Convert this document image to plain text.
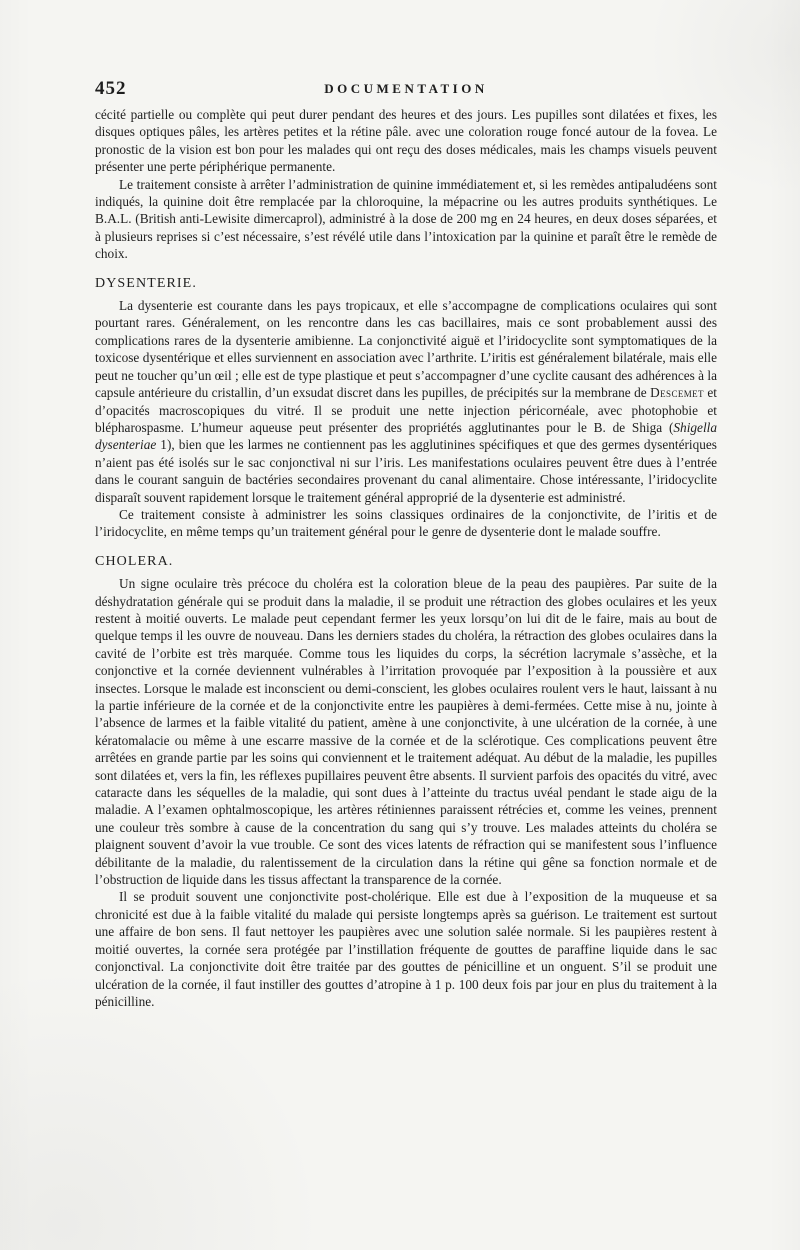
452	DOCUMENTATION

cécité partielle ou complète qui peut durer pendant des heures et des jours. Les pupilles sont dilatées et fixes, les disques optiques pâles, les artères petites et la rétine pâle. avec une coloration rouge foncé autour de la fovea. Le pronostic de la vision est bon pour les malades qui ont reçu des doses médicales, mais les champs visuels peuvent présenter une perte périphérique permanente.

Le traitement consiste à arrêter l’administration de quinine immédiatement et, si les remèdes antipaludéens sont indiqués, la quinine doit être remplacée par la chloroquine, la mépacrine ou les autres produits synthétiques. Le B.A.L. (British anti-Lewisite dimercaprol), administré à la dose de 200 mg en 24 heures, en deux doses séparées, et à plusieurs reprises si c’est nécessaire, s’est révélé utile dans l’intoxication par la quinine et paraît être le remède de choix.

DYSENTERIE.

La dysenterie est courante dans les pays tropicaux, et elle s’accompagne de complications oculaires qui sont pourtant rares. Généralement, on les rencontre dans les cas bacillaires, mais ce sont probablement aussi des complications rares de la dysenterie amibienne. La conjonctivité aiguë et l’iridocyclite sont symptomatiques de la toxicose dysentérique et elles surviennent en association avec l’arthrite. L’iritis est généralement bilatérale, mais elle peut ne toucher qu’un œil ; elle est de type plastique et peut s’accompagner d’une cyclite causant des adhérences à la capsule antérieure du cristallin, d’un exsudat discret dans les pupilles, de précipités sur la membrane de Descemet et d’opacités macroscopiques du vitré. Il se produit une nette injection péricornéale, avec photophobie et blépharospasme. L’humeur aqueuse peut présenter des propriétés agglutinantes pour le B. de Shiga (Shigella dysenteriae 1), bien que les larmes ne contiennent pas les agglutinines spécifiques et que des germes dysentériques n’aient pas été isolés sur le sac conjonctival ni sur l’iris. Les manifestations oculaires peuvent être dues à l’entrée dans le courant sanguin de bactéries secondaires provenant du canal alimentaire. Chose intéressante, l’iridocyclite disparaît souvent rapidement lorsque le traitement général approprié de la dysenterie est administré.

Ce traitement consiste à administrer les soins classiques ordinaires de la conjonctivite, de l’iritis et de l’iridocyclite, en même temps qu’un traitement général pour le genre de dysenterie dont le malade souffre.

CHOLERA.

Un signe oculaire très précoce du choléra est la coloration bleue de la peau des paupières. Par suite de la déshydratation générale qui se produit dans la maladie, il se produit une rétraction des globes oculaires et les yeux restent à moitié ouverts. Le malade peut cependant fermer les yeux lorsqu’on lui dit de le faire, mais au bout de quelque temps il les ouvre de nouveau. Dans les derniers stades du choléra, la rétraction des globes oculaires dans la cavité de l’orbite est très marquée. Comme tous les liquides du corps, la sécrétion lacrymale s’assèche, et la conjonctive et la cornée deviennent vulnérables à l’irritation provoquée par l’exposition à la poussière et aux insectes. Lorsque le malade est inconscient ou demi-conscient, les globes oculaires roulent vers le haut, laissant à nu la partie inférieure de la cornée et de la conjonctivite entre les paupières à demi-fermées. Cette mise à nu, jointe à l’absence de larmes et la faible vitalité du patient, amène à une conjonctivite, à une ulcération de la cornée, à une kératomalacie ou même à une escarre massive de la cornée et de la sclérotique. Ces complications peuvent être arrêtées en grande partie par les soins qui conviennent et le traitement adéquat. Au début de la maladie, les pupilles sont dilatées et, vers la fin, les réflexes pupillaires peuvent être absents. Il survient parfois des opacités du vitré, avec cataracte dans les séquelles de la maladie, qui sont dues à l’atteinte du tractus uvéal pendant le stade aigu de la maladie. A l’examen ophtalmoscopique, les artères rétiniennes paraissent rétrécies et, comme les veines, prennent une couleur très sombre à cause de la concentration du sang qui s’y trouve. Les malades atteints du choléra se plaignent souvent d’avoir la vue trouble. Ce sont des vices latents de réfraction qui se manifestent sous l’influence débilitante de la maladie, du ralentissement de la circulation dans la rétine qui gêne sa fonction normale et de l’obstruction de liquide dans les tissus affectant la transparence de la cornée.

Il se produit souvent une conjonctivite post-cholérique. Elle est due à l’exposition de la muqueuse et sa chronicité est due à la faible vitalité du malade qui persiste longtemps après sa guérison. Le traitement est surtout une affaire de bon sens. Il faut nettoyer les paupières avec une solution salée normale. Si les paupières restent à moitié ouvertes, la cornée sera protégée par l’instillation fréquente de gouttes de paraffine liquide dans le sac conjonctival. La conjonctivite doit être traitée par des gouttes de pénicilline et un onguent. S’il se produit une ulcération de la cornée, il faut instiller des gouttes d’atropine à 1 p. 100 deux fois par jour en plus du traitement à la pénicilline.
